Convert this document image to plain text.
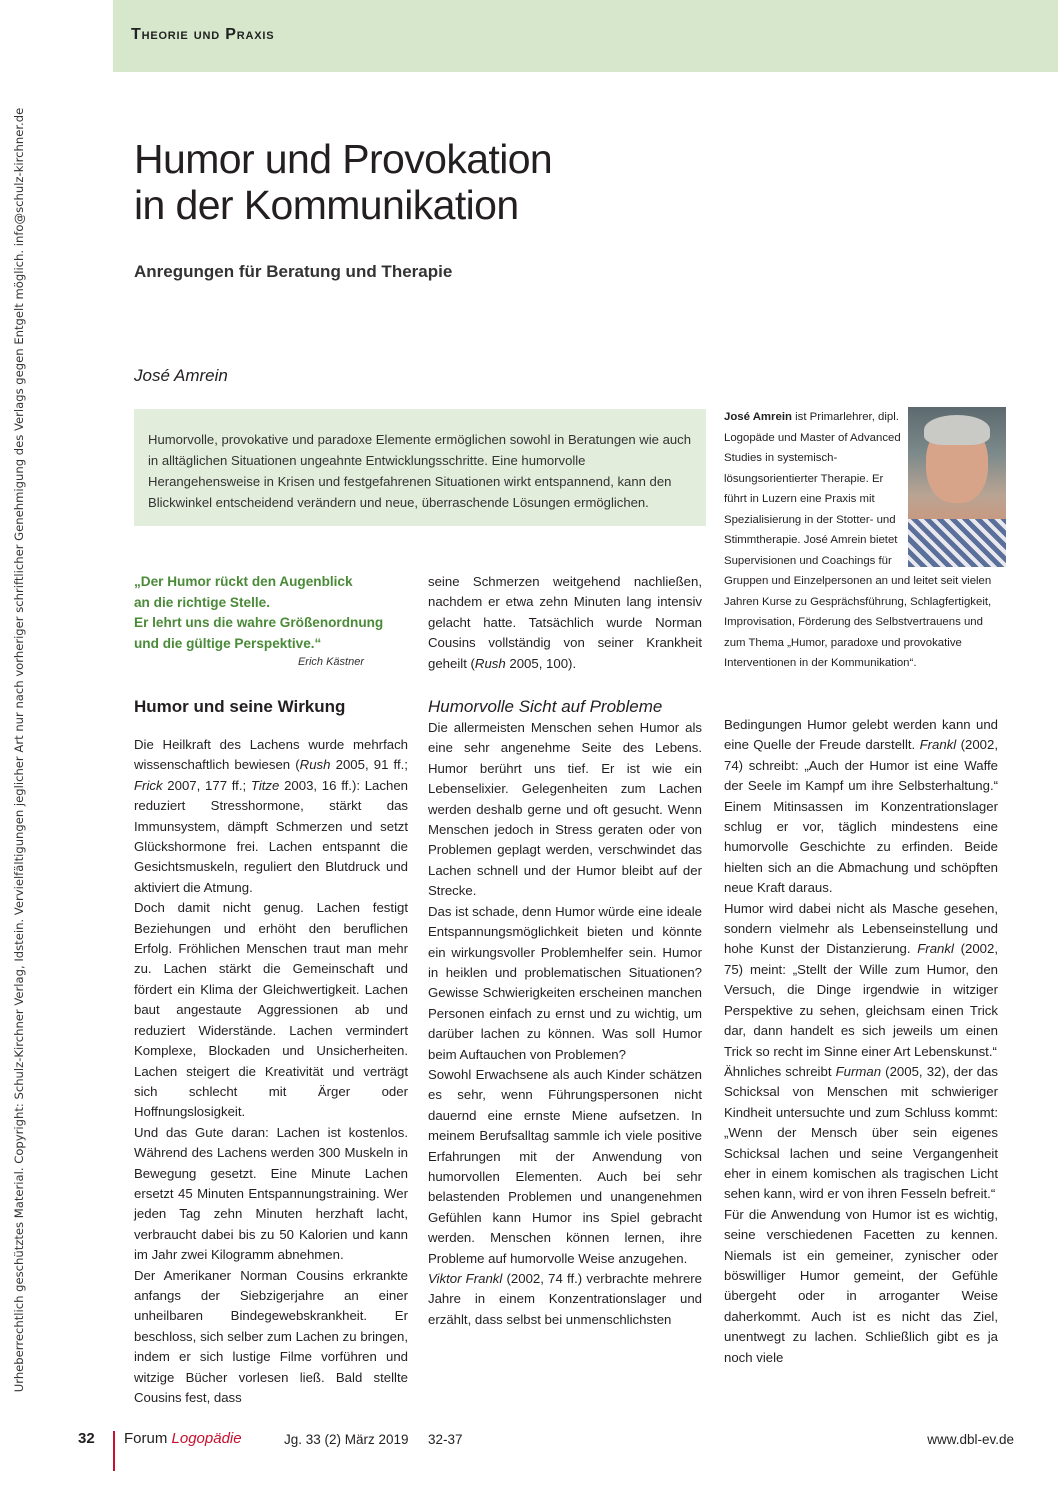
Urheberrechtlich geschütztes Material. Copyright: Schulz-Kirchner Verlag, Idstein. Vervielfältigungen jeglicher Art nur nach vorheriger schriftlicher Genehmigung des Verlags gegen Entgelt möglich. info@schulz-kirchner.de
Theorie und Praxis
Humor und Provokation
in der Kommunikation
Anregungen für Beratung und Therapie
José Amrein
Humorvolle, provokative und paradoxe Elemente ermöglichen sowohl in Beratungen wie auch in alltäglichen Situationen ungeahnte Entwicklungsschritte. Eine humorvolle Herangehensweise in Krisen und festgefahrenen Situationen wirkt entspannend, kann den Blickwinkel entscheidend verändern und neue, überraschende Lösungen ermöglichen.
José Amrein ist Primarlehrer, dipl. Logopäde und Master of Advanced Studies in systemisch-lösungsorientierter Therapie. Er führt in Luzern eine Praxis mit Spezialisierung in der Stotter- und Stimmtherapie. José Amrein bietet Supervisionen und Coachings für Gruppen und Einzelpersonen an und leitet seit vielen Jahren Kurse zu Gesprächsführung, Schlagfertigkeit, Improvisation, Förderung des Selbstvertrauens und zum Thema „Humor, paradoxe und provokative Interventionen in der Kommunikation“.
„Der Humor rückt den Augenblick
an die richtige Stelle.
Er lehrt uns die wahre Größenordnung
und die gültige Perspektive.“
Erich Kästner
Humor und seine Wirkung	Humorvolle Sicht auf Probleme

Die Heilkraft des Lachens wurde mehrfach wissenschaftlich bewiesen (Rush 2005, 91 ff.; Frick 2007, 177 ff.; Titze 2003, 16 ff.): Lachen reduziert Stresshormone, stärkt das Immunsystem, dämpft Schmerzen und setzt Glückshormone frei. Lachen entspannt die Gesichtsmuskeln, reguliert den Blutdruck und aktiviert die Atmung.

Doch damit nicht genug. Lachen festigt Beziehungen und erhöht den beruflichen Erfolg. Fröhlichen Menschen traut man mehr zu. Lachen stärkt die Gemeinschaft und fördert ein Klima der Gleichwertigkeit. Lachen baut angestaute Aggressionen ab und reduziert Widerstände. Lachen vermindert Komplexe, Blockaden und Unsicherheiten. Lachen steigert die Kreativität und verträgt sich schlecht mit Ärger oder Hoffnungslosigkeit.

Und das Gute daran: Lachen ist kostenlos. Während des Lachens werden 300 Muskeln in Bewegung gesetzt. Eine Minute Lachen ersetzt 45 Minuten Entspannungstraining. Wer jeden Tag zehn Minuten herzhaft lacht, verbraucht dabei bis zu 50 Kalorien und kann im Jahr zwei Kilogramm abnehmen.

Der Amerikaner Norman Cousins erkrankte anfangs der Siebzigerjahre an einer unheilbaren Bindegewebskrankheit. Er beschloss, sich selber zum Lachen zu bringen, indem er sich lustige Filme vorführen und witzige Bücher vorlesen ließ. Bald stellte Cousins fest, dass

seine Schmerzen weitgehend nachließen, nachdem er etwa zehn Minuten lang intensiv gelacht hatte. Tatsächlich wurde Norman Cousins vollständig von seiner Krankheit geheilt (Rush 2005, 100).

Die allermeisten Menschen sehen Humor als eine sehr angenehme Seite des Lebens. Humor berührt uns tief. Er ist wie ein Lebenselixier. Gelegenheiten zum Lachen werden deshalb gerne und oft gesucht. Wenn Menschen jedoch in Stress geraten oder von Problemen geplagt werden, verschwindet das Lachen schnell und der Humor bleibt auf der Strecke.

Das ist schade, denn Humor würde eine ideale Entspannungsmöglichkeit bieten und könnte ein wirkungsvoller Problemhelfer sein. Humor in heiklen und problematischen Situationen? Gewisse Schwierigkeiten erscheinen manchen Personen einfach zu ernst und zu wichtig, um darüber lachen zu können. Was soll Humor beim Auftauchen von Problemen?

Sowohl Erwachsene als auch Kinder schätzen es sehr, wenn Führungspersonen nicht dauernd eine ernste Miene aufsetzen. In meinem Berufsalltag sammle ich viele positive Erfahrungen mit der Anwendung von humorvollen Elementen. Auch bei sehr belastenden Problemen und unangenehmen Gefühlen kann Humor ins Spiel gebracht werden. Menschen können lernen, ihre Probleme auf humorvolle Weise anzugehen.

Viktor Frankl (2002, 74 ff.) verbrachte mehrere Jahre in einem Konzentrationslager und erzählt, dass selbst bei unmenschlichsten

Bedingungen Humor gelebt werden kann und eine Quelle der Freude darstellt. Frankl (2002, 74) schreibt: „Auch der Humor ist eine Waffe der Seele im Kampf um ihre Selbsterhaltung.“ Einem Mitinsassen im Konzentrationslager schlug er vor, täglich mindestens eine humorvolle Geschichte zu erfinden. Beide hielten sich an die Abmachung und schöpften neue Kraft daraus.

Humor wird dabei nicht als Masche gesehen, sondern vielmehr als Lebenseinstellung und hohe Kunst der Distanzierung. Frankl (2002, 75) meint: „Stellt der Wille zum Humor, den Versuch, die Dinge irgendwie in witziger Perspektive zu sehen, gleichsam einen Trick dar, dann handelt es sich jeweils um einen Trick so recht im Sinne einer Art Lebenskunst.“

Ähnliches schreibt Furman (2005, 32), der das Schicksal von Menschen mit schwieriger Kindheit untersuchte und zum Schluss kommt: „Wenn der Mensch über sein eigenes Schicksal lachen und seine Vergangenheit eher in einem komischen als tragischen Licht sehen kann, wird er von ihren Fesseln befreit.“

Für die Anwendung von Humor ist es wichtig, seine verschiedenen Facetten zu kennen. Niemals ist ein gemeiner, zynischer oder böswilliger Humor gemeint, der Gefühle übergeht oder in arroganter Weise daherkommt. Auch ist es nicht das Ziel, unentwegt zu lachen. Schließlich gibt es ja noch viele

32 Forum Logopädie	Jg. 33 (2) März 2019 32-37	www.dbl-ev.de
